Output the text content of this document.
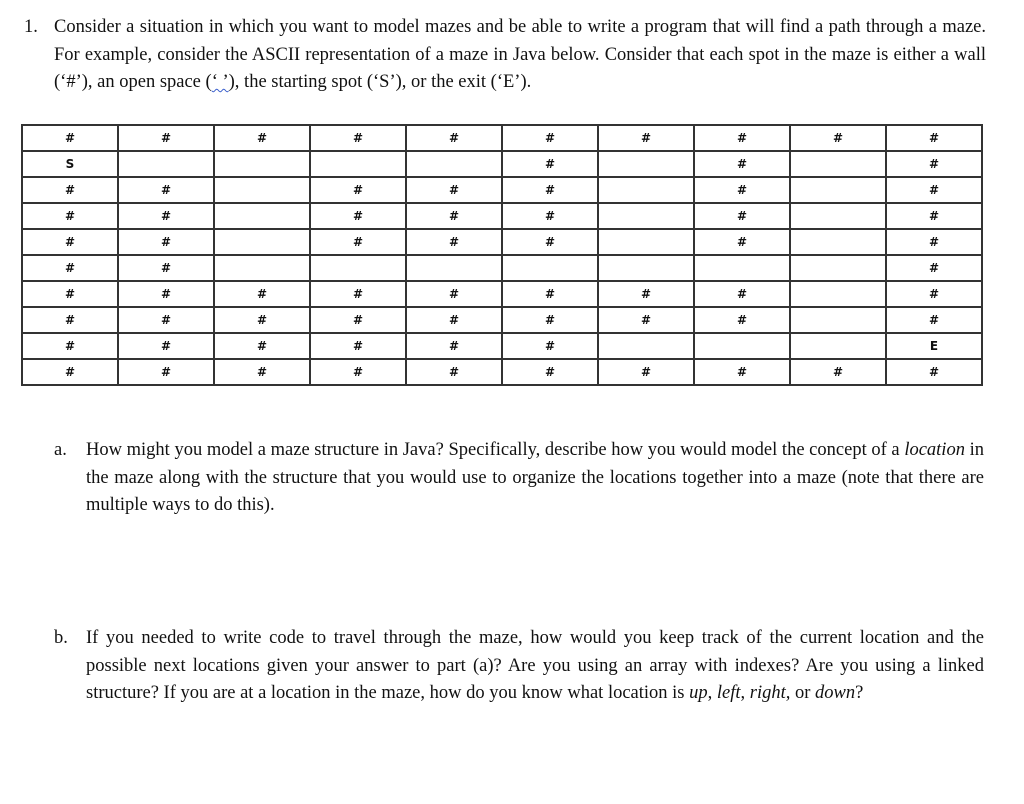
1. Consider a situation in which you want to model mazes and be able to write a program that will find a path through a maze. For example, consider the ASCII representation of a maze in Java below. Consider that each spot in the maze is either a wall (‘#’), an open space (‘ ’), the starting spot (‘S’), or the exit (‘E’).
#	#	#	#	#	#	#	#	#	#
S					#		#		#
#	#		#	#	#		#		#
#	#		#	#	#		#		#
#	#		#	#	#		#		#
#	#								#
#	#	#	#	#	#	#	#		#
#	#	#	#	#	#	#	#		#
#	#	#	#	#	#				E
#	#	#	#	#	#	#	#	#	#
a. How might you model a maze structure in Java? Specifically, describe how you would model the concept of a location in the maze along with the structure that you would use to organize the locations together into a maze (note that there are multiple ways to do this).
b. If you needed to write code to travel through the maze, how would you keep track of the current location and the possible next locations given your answer to part (a)? Are you using an array with indexes? Are you using a linked structure? If you are at a location in the maze, how do you know what location is up, left, right, or down?
